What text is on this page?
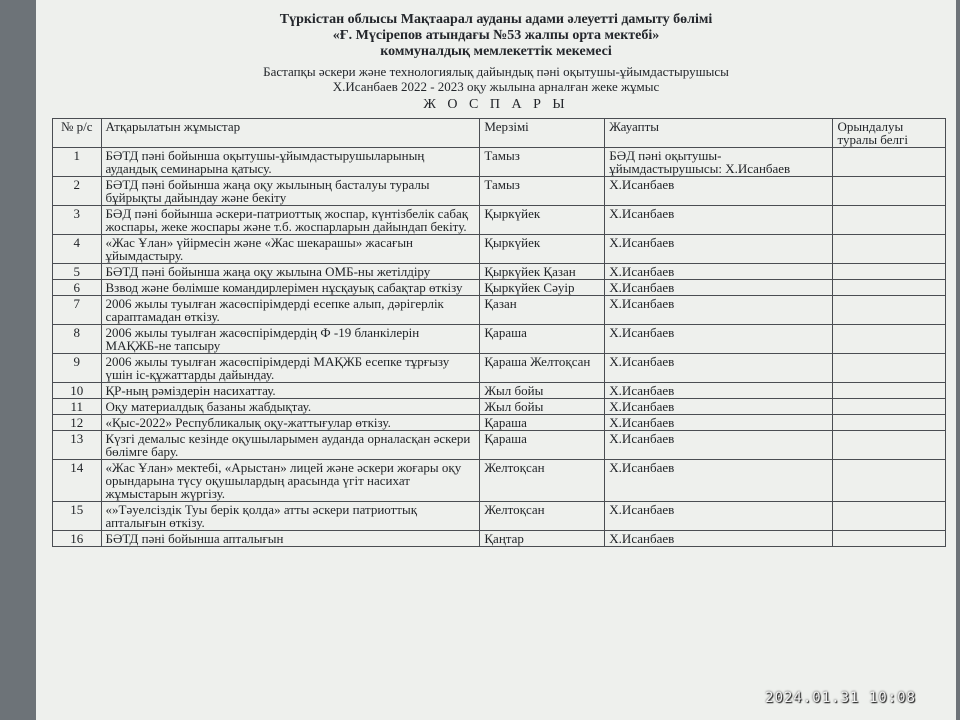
Түркістан облысы Мақтаарал ауданы адами әлеуетті дамыту бөлімі
«Ғ. Мүсірепов атындағы №53 жалпы орта мектебі»
коммуналдық мемлекеттік мекемесі
Бастапқы әскери және технологиялық дайындық пәні оқытушы-ұйымдастырушысы
Х.Исанбаев 2022 - 2023 оқу жылына арналған жеке жұмыс
Ж О С П А Р Ы
№ р/с	Атқарылатын жұмыстар	Мерзімі	Жауапты	Орындалуы туралы белгі
1	БӘТД пәні бойынша оқытушы-ұйымдастырушыларының аудандық семинарына қатысу.	Тамыз	БӘД пәні оқытушы-ұйымдастырушысы: Х.Исанбаев	
2	БӘТД пәні бойынша жаңа оқу жылының басталуы туралы бұйрықты дайындау және бекіту	Тамыз	Х.Исанбаев	
3	БӘД пәні бойынша әскери-патриоттық жоспар, күнтізбелік сабақ жоспары, жеке жоспары және т.б. жоспарларын дайындап бекіту.	Қыркүйек	Х.Исанбаев	
4	«Жас Ұлан» үйірмесін және «Жас шекарашы» жасағын ұйымдастыру.	Қыркүйек	Х.Исанбаев	
5	БӘТД пәні бойынша жаңа оқу жылына ОМБ-ны жетілдіру	Қыркүйек Қазан	Х.Исанбаев	
6	Взвод және бөлімше командирлерімен нұсқауық сабақтар өткізу	Қыркүйек Сәуір	Х.Исанбаев	
7	2006 жылы туылған жасөспірімдерді есепке алып, дәрігерлік сараптамадан өткізу.	Қазан	Х.Исанбаев	
8	2006 жылы туылған жасөспірімдердің Ф -19 бланкілерін МАҚЖБ-не тапсыру	Қараша	Х.Исанбаев	
9	2006 жылы туылған жасөспірімдерді МАҚЖБ есепке тұрғызу үшін іс-құжаттарды дайындау.	Қараша Желтоқсан	Х.Исанбаев	
10	ҚР-ның рәміздерін насихаттау.	Жыл бойы	Х.Исанбаев	
11	Оқу материалдық базаны жабдықтау.	Жыл бойы	Х.Исанбаев	
12	«Қыс-2022» Республикалық оқу-жаттығулар өткізу.	Қараша	Х.Исанбаев	
13	Күзгі демалыс кезінде оқушыларымен ауданда орналасқан әскери бөлімге бару.	Қараша	Х.Исанбаев	
14	«Жас Ұлан» мектебі, «Арыстан» лицей және әскери жоғары оқу орындарына түсу оқушылардың арасында үгіт насихат жұмыстарын жүргізу.	Желтоқсан	Х.Исанбаев	
15	«»Тәуелсіздік Туы берік қолда» атты әскери патриоттық апталығын өткізу.	Желтоқсан	Х.Исанбаев	
16	БӘТД пәні бойынша апталығын	Қаңтар	Х.Исанбаев	
2024.01.31 10:08
